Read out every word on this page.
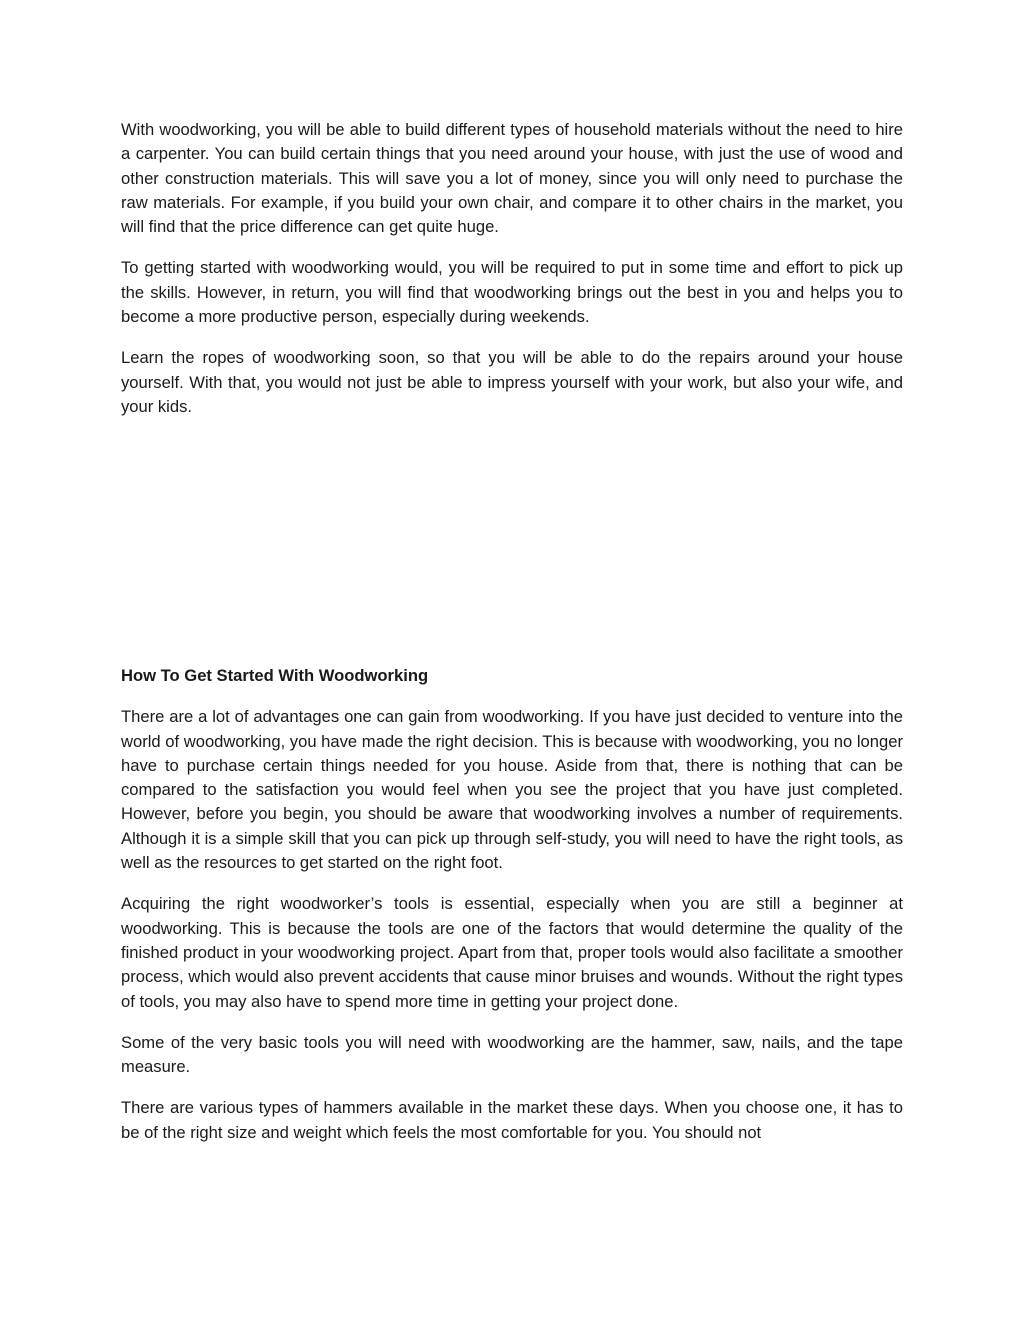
With woodworking, you will be able to build different types of household materials without the need to hire a carpenter. You can build certain things that you need around your house, with just the use of wood and other construction materials. This will save you a lot of money, since you will only need to purchase the raw materials. For example, if you build your own chair, and compare it to other chairs in the market, you will find that the price difference can get quite huge.

To getting started with woodworking would, you will be required to put in some time and effort to pick up the skills. However, in return, you will find that woodworking brings out the best in you and helps you to become a more productive person, especially during weekends.

Learn the ropes of woodworking soon, so that you will be able to do the repairs around your house yourself. With that, you would not just be able to impress yourself with your work, but also your wife, and your kids.

How To Get Started With Woodworking

There are a lot of advantages one can gain from woodworking. If you have just decided to venture into the world of woodworking, you have made the right decision. This is because with woodworking, you no longer have to purchase certain things needed for you house. Aside from that, there is nothing that can be compared to the satisfaction you would feel when you see the project that you have just completed. However, before you begin, you should be aware that woodworking involves a number of requirements. Although it is a simple skill that you can pick up through self-study, you will need to have the right tools, as well as the resources to get started on the right foot.

Acquiring the right woodworker’s tools is essential, especially when you are still a beginner at woodworking. This is because the tools are one of the factors that would determine the quality of the finished product in your woodworking project. Apart from that, proper tools would also facilitate a smoother process, which would also prevent accidents that cause minor bruises and wounds. Without the right types of tools, you may also have to spend more time in getting your project done.

Some of the very basic tools you will need with woodworking are the hammer, saw, nails, and the tape measure.

There are various types of hammers available in the market these days. When you choose one, it has to be of the right size and weight which feels the most comfortable for you. You should not
